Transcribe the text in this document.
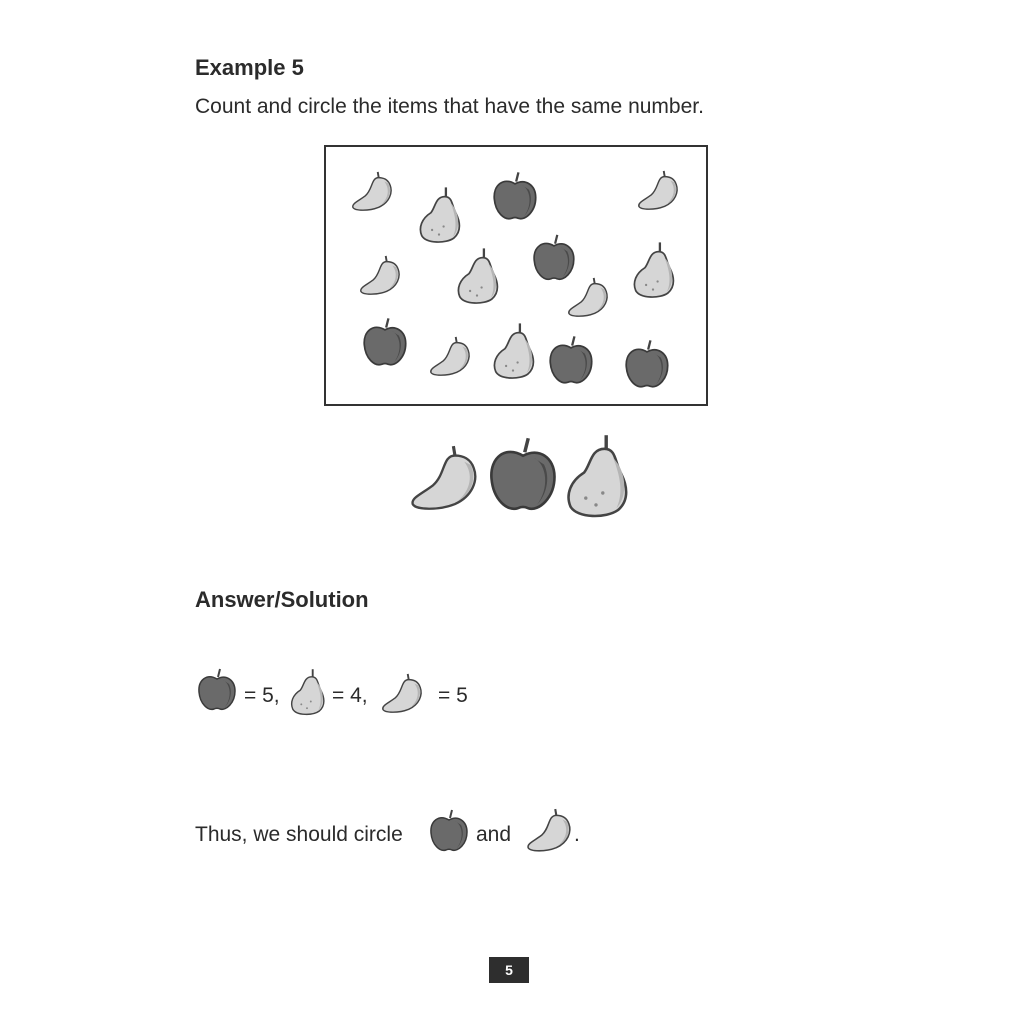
Example 5

Count and circle the items that have the same number.

Answer/Solution

= 5, = 4,	= 5
Thus, we should circle	and	.
5
